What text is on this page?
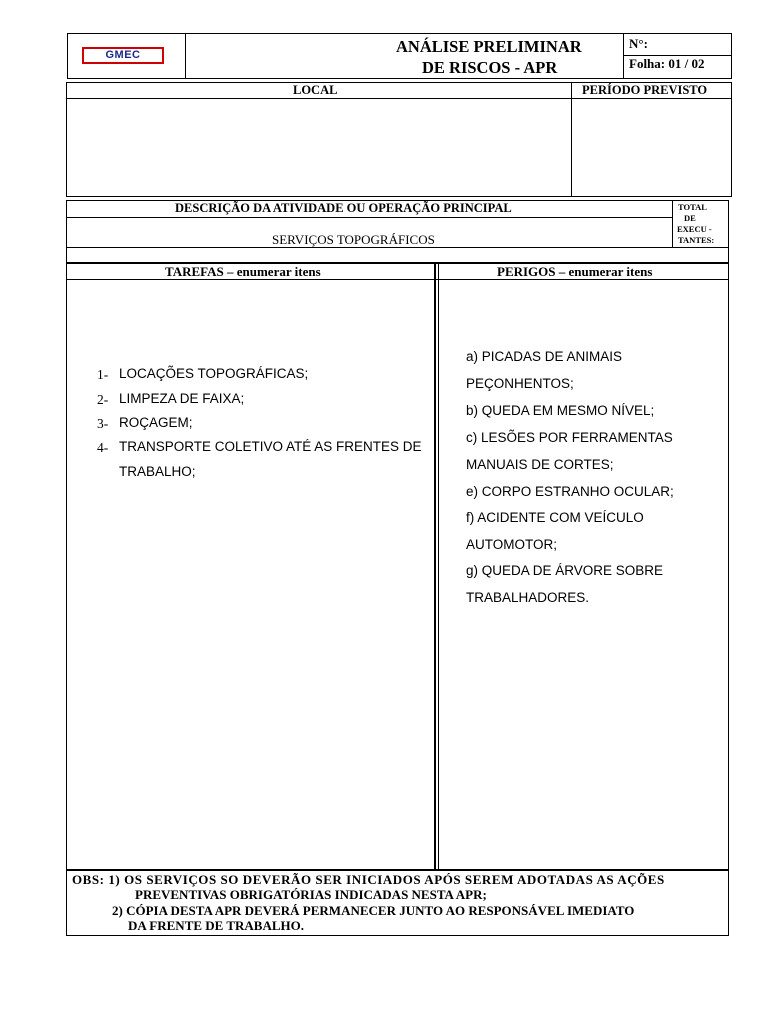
GMEC	ANÁLISE PRELIMINAR
DE RISCOS - APR
N°:
Folha: 01 / 02
LOCAL	PERÍODO PREVISTO
DESCRIÇÃO DA ATIVIDADE OU OPERAÇÃO PRINCIPAL
SERVIÇOS TOPOGRÁFICOS
TOTAL
DE
EXECU -
TANTES:
TAREFAS – enumerar itens	PERIGOS – enumerar itens
1- LOCAÇÕES TOPOGRÁFICAS;
2- LIMPEZA DE FAIXA;
3- ROÇAGEM;
4- TRANSPORTE COLETIVO ATÉ AS FRENTES DE
TRABALHO;
a) PICADAS DE ANIMAIS
PEÇONHENTOS;
b) QUEDA EM MESMO NÍVEL;
c) LESÕES POR FERRAMENTAS
MANUAIS DE CORTES;
e) CORPO ESTRANHO OCULAR;
f) ACIDENTE COM VEÍCULO
AUTOMOTOR;
g) QUEDA DE ÁRVORE SOBRE
TRABALHADORES.
OBS: 1) OS SERVIÇOS SO DEVERÃO SER INICIADOS APÓS SEREM ADOTADAS AS AÇÕES
PREVENTIVAS OBRIGATÓRIAS INDICADAS NESTA APR;
2) CÓPIA DESTA APR DEVERÁ PERMANECER JUNTO AO RESPONSÁVEL IMEDIATO
DA FRENTE DE TRABALHO.
